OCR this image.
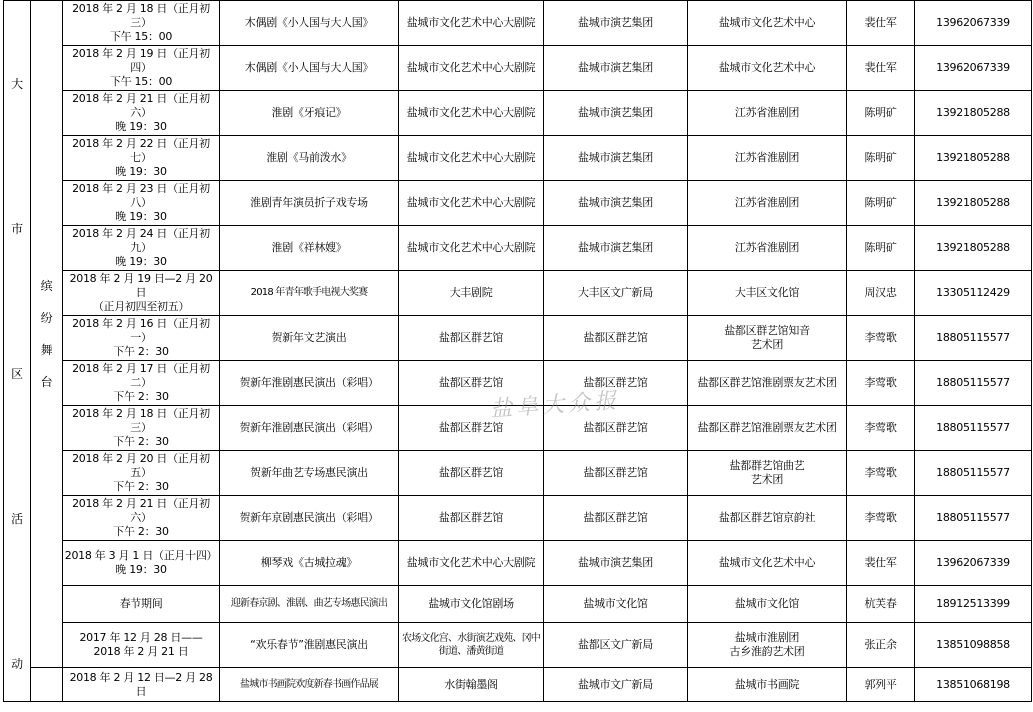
大
市
区
活
动	缤
纷
舞
台	2018 年 2 月 18 日（正月初三）
下午 15：00	木偶剧《小人国与大人国》	盐城市文化艺术中心大剧院	盐城市演艺集团	盐城市文化艺术中心	裴仕军	13962067339
		2018 年 2 月 19 日（正月初四）
下午 15：00	木偶剧《小人国与大人国》	盐城市文化艺术中心大剧院	盐城市演艺集团	盐城市文化艺术中心	裴仕军	13962067339
		2018 年 2 月 21 日（正月初六）
晚 19：30	淮剧《牙痕记》	盐城市文化艺术中心大剧院	盐城市演艺集团	江苏省淮剧团	陈明矿	13921805288
		2018 年 2 月 22 日（正月初七）
晚 19：30	淮剧《马前泼水》	盐城市文化艺术中心大剧院	盐城市演艺集团	江苏省淮剧团	陈明矿	13921805288
		2018 年 2 月 23 日（正月初八）
晚 19：30	淮剧青年演员折子戏专场	盐城市文化艺术中心大剧院	盐城市演艺集团	江苏省淮剧团	陈明矿	13921805288
		2018 年 2 月 24 日（正月初九）
晚 19：30	淮剧《祥林嫂》	盐城市文化艺术中心大剧院	盐城市演艺集团	江苏省淮剧团	陈明矿	13921805288
		2018 年 2 月 19 日—2 月 20 日
（正月初四至初五）	2018 年青年歌手电视大奖赛	大丰剧院	大丰区文广新局	大丰区文化馆	周汉忠	13305112429
		2018 年 2 月 16 日（正月初一）
下午 2：30	贺新年文艺演出	盐都区群艺馆	盐都区群艺馆	盐都区群艺馆知音
艺术团	李莺歌	18805115577
		2018 年 2 月 17 日（正月初二）
下午 2：30	贺新年淮剧惠民演出（彩唱）	盐都区群艺馆	盐都区群艺馆	盐都区群艺馆淮剧票友艺术团	李莺歌	18805115577
		2018 年 2 月 18 日（正月初三）
下午 2：30	贺新年淮剧惠民演出（彩唱）	盐都区群艺馆	盐都区群艺馆	盐都区群艺馆淮剧票友艺术团	李莺歌	18805115577
		2018 年 2 月 20 日（正月初五）
下午 2：30	贺新年曲艺专场惠民演出	盐都区群艺馆	盐都区群艺馆	盐都群艺馆曲艺
艺术团	李莺歌	18805115577
		2018 年 2 月 21 日（正月初六）
下午 2：30	贺新年京剧惠民演出（彩唱）	盐都区群艺馆	盐都区群艺馆	盐都区群艺馆京韵社	李莺歌	18805115577
		2018 年 3 月 1 日（正月十四）
晚 19：30	柳琴戏《古城拉魂》	盐城市文化艺术中心大剧院	盐城市演艺集团	盐城市文化艺术中心	裴仕军	13962067339
		春节期间	迎新春京剧、淮剧、曲艺专场惠民演出	盐城市文化馆剧场	盐城市文化馆	盐城市文化馆	杭芙春	18912513399
		2017 年 12 月 28 日——
2018 年 2 月 21 日	“欢乐春节”淮剧惠民演出	农场文化宫、水街演艺戏苑、冈中街道、潘黄街道	盐都区文广新局	盐城市淮剧团
古乡淮韵艺术团	张正余	13851098858
		2018 年 2 月 12 日—2 月 28 日	盐城市书画院欢度新春书画作品展	水街翰墨阁	盐城市文广新局	盐城市书画院	郭列平	13851068198
盐阜大众报
